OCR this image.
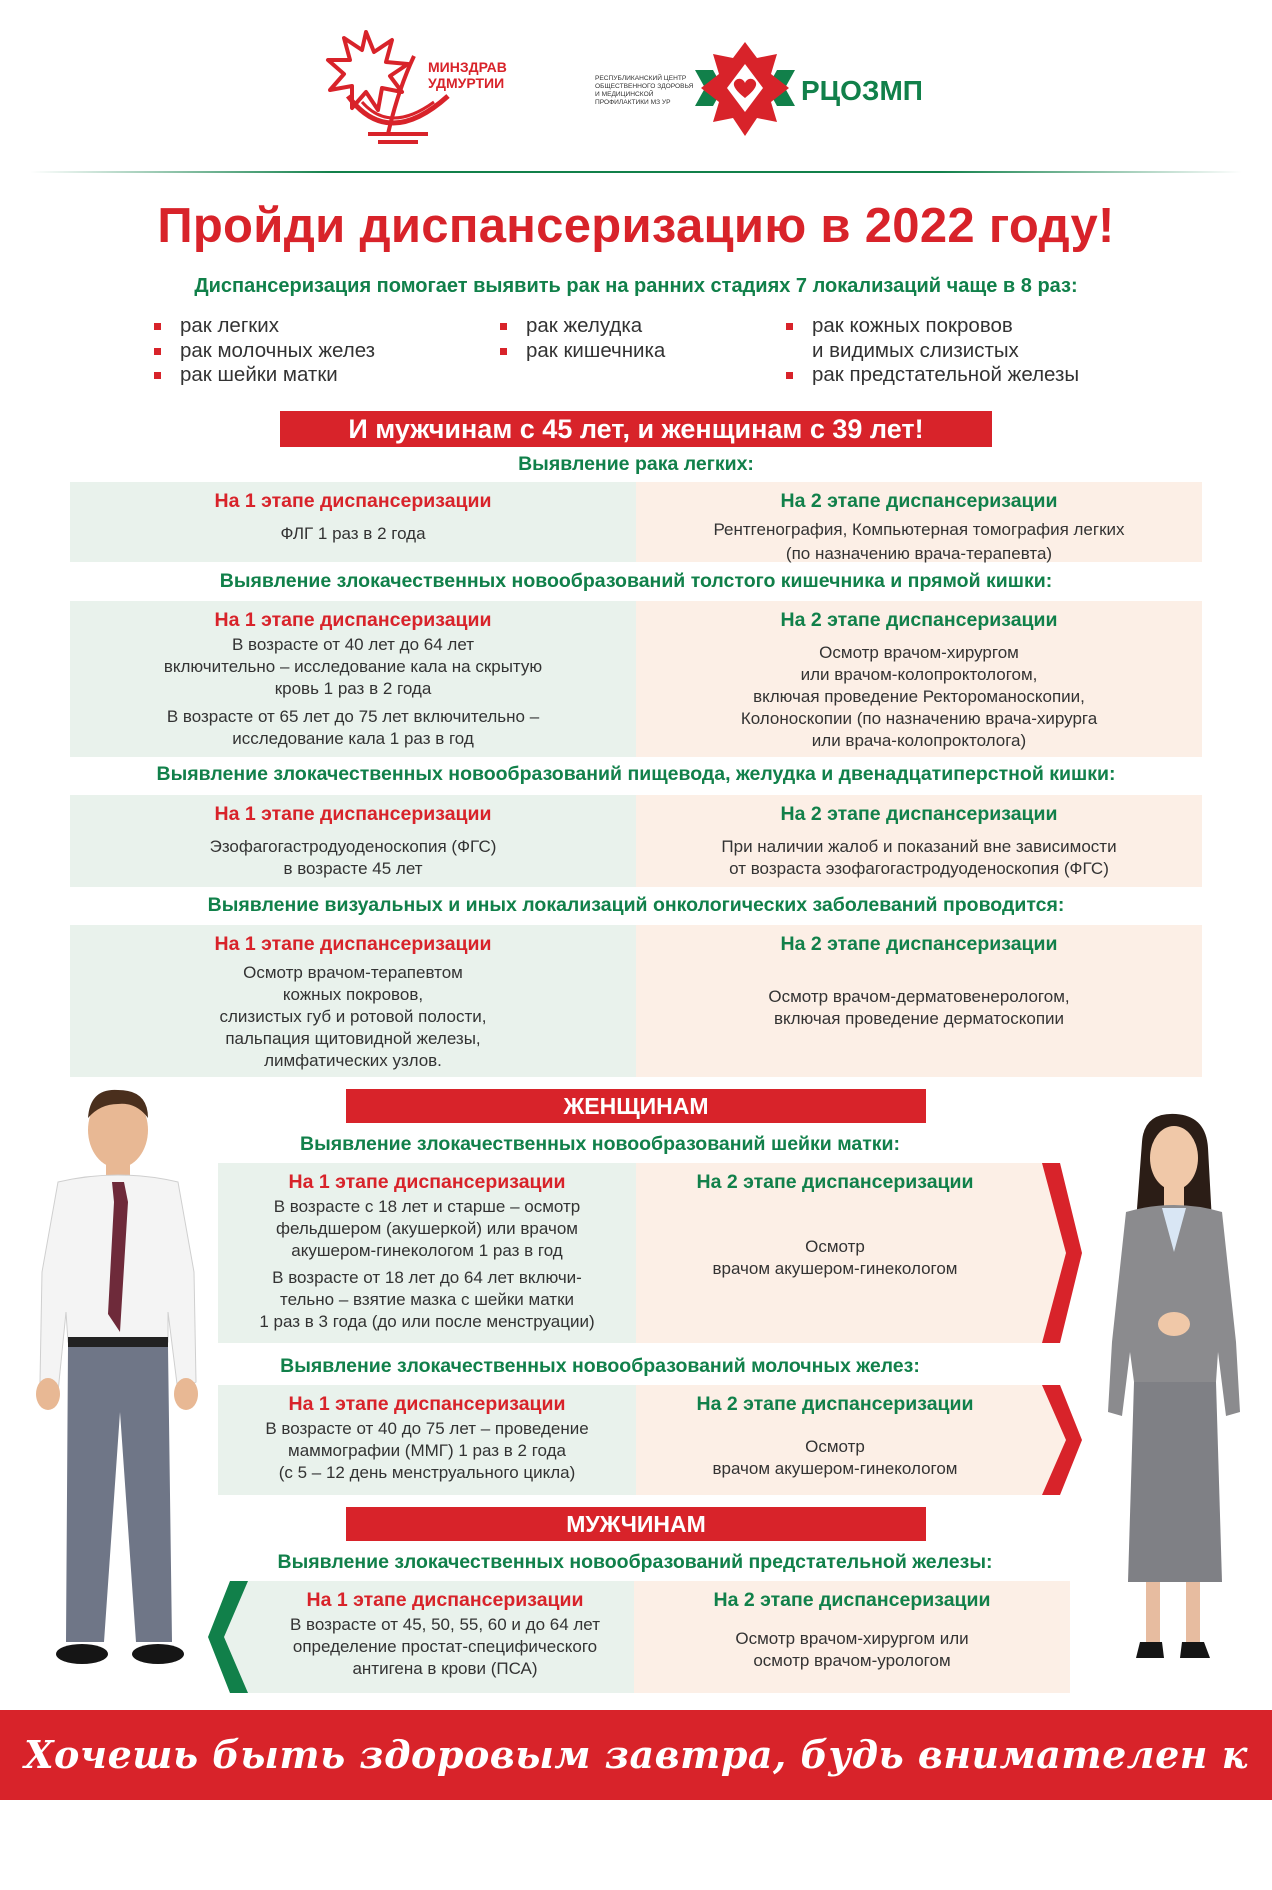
МИНЗДРАВ
УДМУРТИИ	РЕСПУБЛИКАНСКИЙ ЦЕНТР
ОБЩЕСТВЕННОГО ЗДОРОВЬЯ
И МЕДИЦИНСКОЙ
ПРОФИЛАКТИКИ МЗ УР	РЦОЗМП
Пройди диспансеризацию в 2022 году!
Диспансеризация помогает выявить рак на ранних стадиях 7 локализаций чаще в 8 раз:
рак легких
рак молочных желез
рак шейки матки
рак желудка
рак кишечника
рак кожных покровов
и видимых слизистых
рак предстательной железы
И мужчинам с 45 лет, и женщинам с 39 лет!
Выявление рака легких:
На 1 этапе диспансеризации

ФЛГ 1 раз в 2 года

На 2 этапе диспансеризации

Рентгенография, Компьютерная томография легких

(по назначению врача-терапевта)

Выявление злокачественных новообразований толстого кишечника и прямой кишки:
На 1 этапе диспансеризации

В возрасте от 40 лет до 64 лет

включительно – исследование кала на скрытую

кровь 1 раз в 2 года

В возрасте от 65 лет до 75 лет включительно –

исследование кала 1 раз в год

На 2 этапе диспансеризации

Осмотр врачом-хирургом

или врачом-колопроктологом,

включая проведение Ректороманоскопии,

Колоноскопии (по назначению врача-хирурга

или врача-колопроктолога)

Выявление злокачественных новообразований пищевода, желудка и двенадцатиперстной кишки:
На 1 этапе диспансеризации

Эзофагогастродуоденоскопия (ФГС)

в возрасте 45 лет

На 2 этапе диспансеризации

При наличии жалоб и показаний вне зависимости

от возраста эзофагогастродуоденоскопия (ФГС)

Выявление визуальных и иных локализаций онкологических заболеваний проводится:
На 1 этапе диспансеризации

Осмотр врачом-терапевтом

кожных покровов,

слизистых губ и ротовой полости,

пальпация щитовидной железы,

лимфатических узлов.

На 2 этапе диспансеризации

Осмотр врачом-дерматовенерологом,

включая проведение дерматоскопии

ЖЕНЩИНАМ
Выявление злокачественных новообразований шейки матки:
На 1 этапе диспансеризации

В возрасте с 18 лет и старше – осмотр

фельдшером (акушеркой) или врачом

акушером-гинекологом 1 раз в год

В возрасте от 18 лет до 64 лет включи-

тельно – взятие мазка с шейки матки

1 раз в 3 года (до или после менструации)

На 2 этапе диспансеризации

Осмотр

врачом акушером-гинекологом

Выявление злокачественных новообразований молочных желез:
На 1 этапе диспансеризации

В возрасте от 40 до 75 лет – проведение

маммографии (ММГ) 1 раз в 2 года

(с 5 – 12 день менструального цикла)

На 2 этапе диспансеризации

Осмотр

врачом акушером-гинекологом

МУЖЧИНАМ
Выявление злокачественных новообразований предстательной железы:
На 1 этапе диспансеризации

В возрасте от 45, 50, 55, 60 и до 64 лет

определение простат-специфического

антигена в крови (ПСА)

На 2 этапе диспансеризации

Осмотр врачом-хирургом или

осмотр врачом-урологом

Хочешь быть здоровым завтра, будь внимателен к себе сегодня!
